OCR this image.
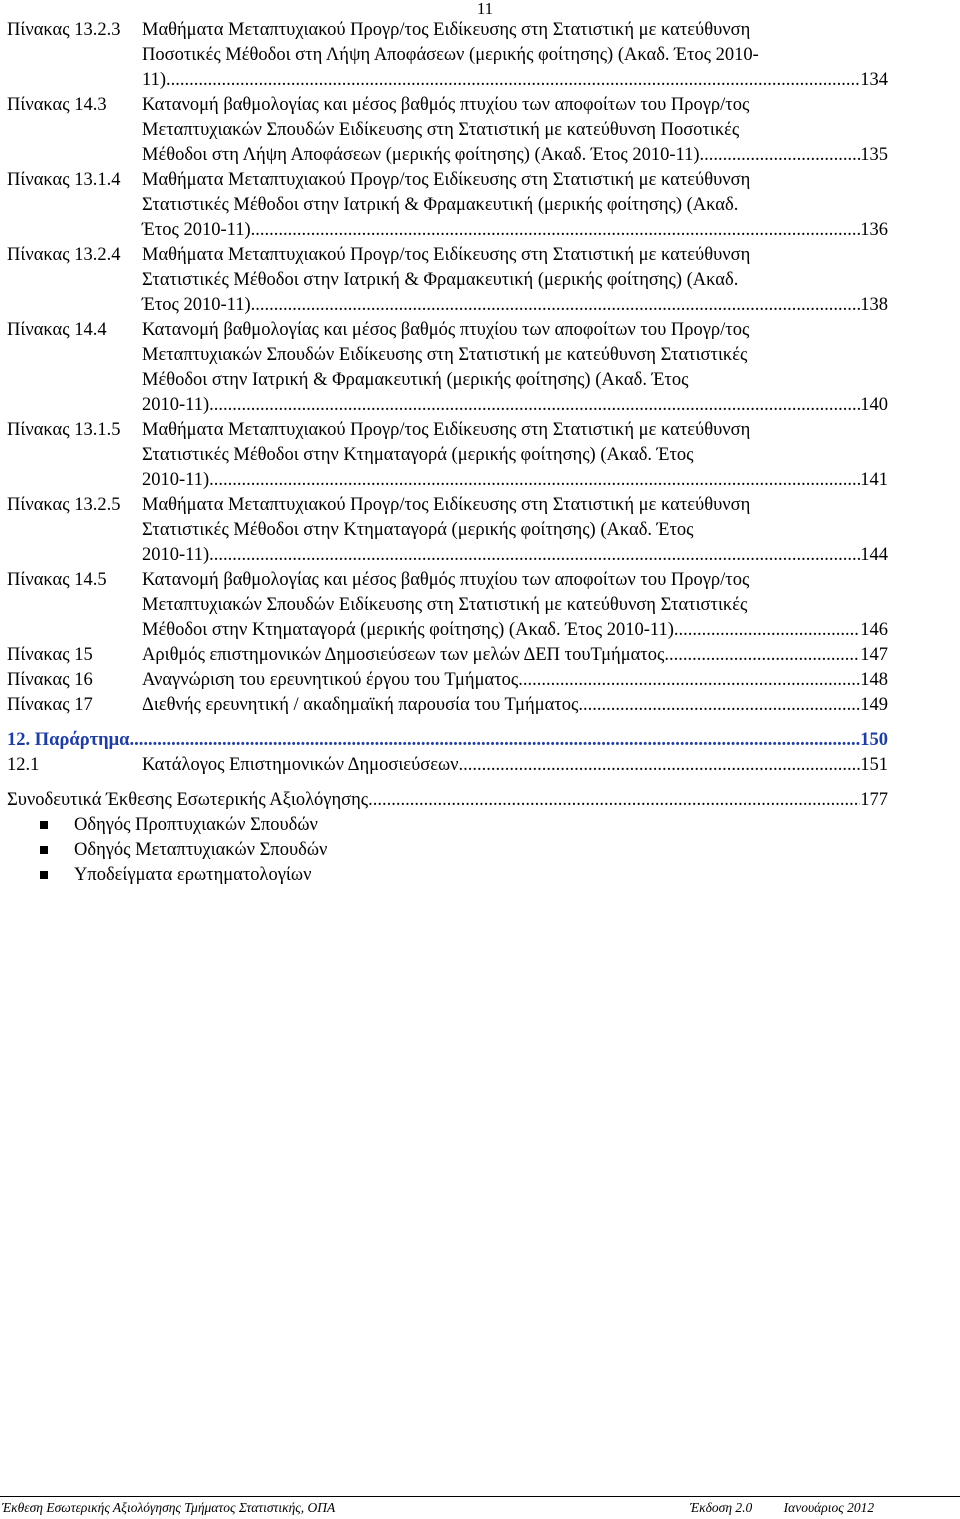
11
Πίνακας 13.2.3	Μαθήματα Μεταπτυχιακού Προγρ/τος Ειδίκευσης στη Στατιστική με κατεύθυνση
Ποσοτικές Μέθοδοι στη Λήψη Αποφάσεων (μερικής φοίτησης) (Ακαδ. Έτος 2010-
11) .....	134
Πίνακας 14.3	Κατανομή βαθμολογίας και μέσος βαθμός πτυχίου των αποφοίτων του Προγρ/τος
Μεταπτυχιακών Σπουδών Ειδίκευσης στη Στατιστική με κατεύθυνση Ποσοτικές
Μέθοδοι στη Λήψη Αποφάσεων (μερικής φοίτησης) (Ακαδ. Έτος 2010-11) .....	135
Πίνακας 13.1.4	Μαθήματα Μεταπτυχιακού Προγρ/τος Ειδίκευσης στη Στατιστική με κατεύθυνση
Στατιστικές Μέθοδοι στην Ιατρική & Φραμακευτική (μερικής φοίτησης) (Ακαδ.
Έτος 2010-11) .....	136
Πίνακας 13.2.4	Μαθήματα Μεταπτυχιακού Προγρ/τος Ειδίκευσης στη Στατιστική με κατεύθυνση
Στατιστικές Μέθοδοι στην Ιατρική & Φραμακευτική (μερικής φοίτησης) (Ακαδ.
Έτος 2010-11) .....	138
Πίνακας 14.4	Κατανομή βαθμολογίας και μέσος βαθμός πτυχίου των αποφοίτων του Προγρ/τος
Μεταπτυχιακών Σπουδών Ειδίκευσης στη Στατιστική με κατεύθυνση Στατιστικές
Μέθοδοι στην Ιατρική & Φραμακευτική (μερικής φοίτησης) (Ακαδ. Έτος
2010-11) .....	140
Πίνακας 13.1.5	Μαθήματα Μεταπτυχιακού Προγρ/τος Ειδίκευσης στη Στατιστική με κατεύθυνση
Στατιστικές Μέθοδοι στην Κτηματαγορά (μερικής φοίτησης) (Ακαδ. Έτος
2010-11) .....	141
Πίνακας 13.2.5	Μαθήματα Μεταπτυχιακού Προγρ/τος Ειδίκευσης στη Στατιστική με κατεύθυνση
Στατιστικές Μέθοδοι στην Κτηματαγορά (μερικής φοίτησης) (Ακαδ. Έτος
2010-11) .....	144
Πίνακας 14.5	Κατανομή βαθμολογίας και μέσος βαθμός πτυχίου των αποφοίτων του Προγρ/τος
Μεταπτυχιακών Σπουδών Ειδίκευσης στη Στατιστική με κατεύθυνση Στατιστικές
Μέθοδοι στην Κτηματαγορά (μερικής φοίτησης) (Ακαδ. Έτος 2010-11) .....	146
Πίνακας 15	Αριθμός επιστημονικών Δημοσιεύσεων των μελών ΔΕΠ τουΤμήματος .....	147
Πίνακας 16	Αναγνώριση του ερευνητικού έργου του Τμήματος .....	148
Πίνακας 17	Διεθνής ερευνητική / ακαδημαϊκή παρουσία του Τμήματος .....	149
12. Παράρτημα .....	150
12.1	Κατάλογος Επιστημονικών Δημοσιεύσεων .....	151
Συνοδευτικά Έκθεσης Εσωτερικής Αξιολόγησης .....	177
Οδηγός Προπτυχιακών Σπουδών
Οδηγός Μεταπτυχιακών Σπουδών
Υποδείγματα ερωτηματολογίων
Έκθεση Εσωτερικής Αξιολόγησης Τμήματος Στατιστικής, ΟΠΑ	Έκδοση 2.0 Ιανουάριος 2012
